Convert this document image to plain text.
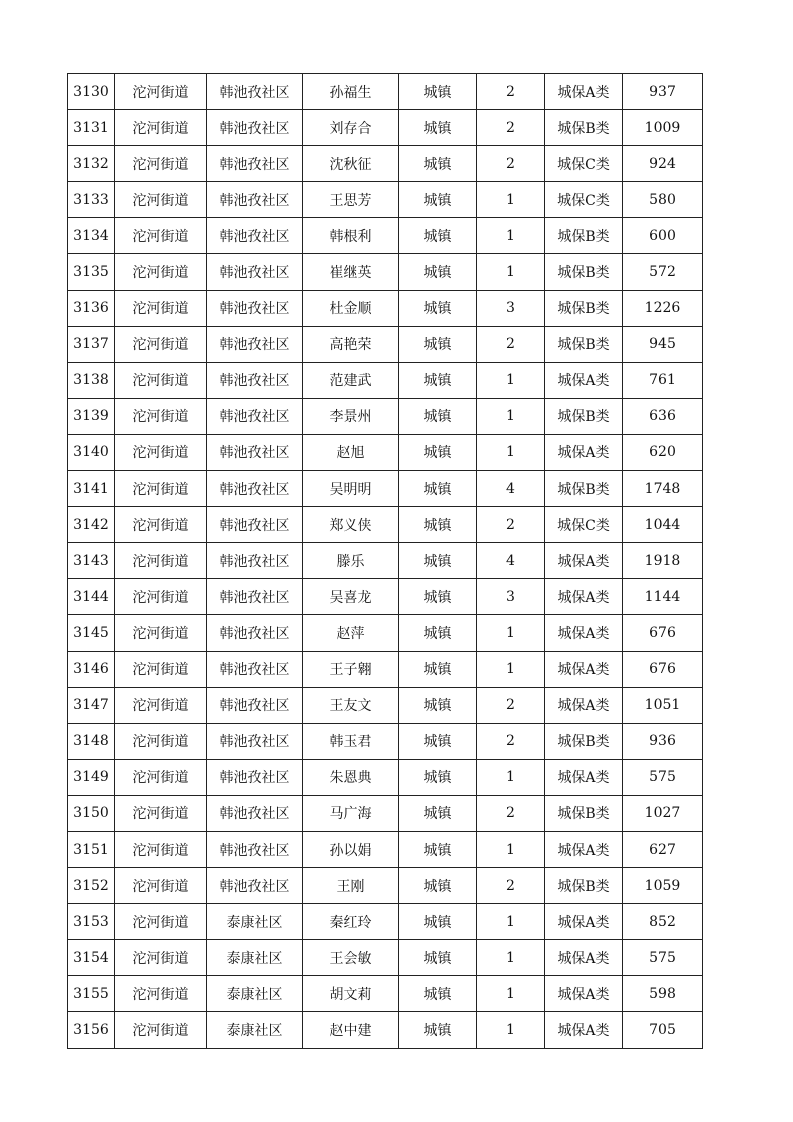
3130	沱河街道	韩池孜社区	孙福生	城镇	2	城保A类	937
3131	沱河街道	韩池孜社区	刘存合	城镇	2	城保B类	1009
3132	沱河街道	韩池孜社区	沈秋征	城镇	2	城保C类	924
3133	沱河街道	韩池孜社区	王思芳	城镇	1	城保C类	580
3134	沱河街道	韩池孜社区	韩根利	城镇	1	城保B类	600
3135	沱河街道	韩池孜社区	崔继英	城镇	1	城保B类	572
3136	沱河街道	韩池孜社区	杜金顺	城镇	3	城保B类	1226
3137	沱河街道	韩池孜社区	高艳荣	城镇	2	城保B类	945
3138	沱河街道	韩池孜社区	范建武	城镇	1	城保A类	761
3139	沱河街道	韩池孜社区	李景州	城镇	1	城保B类	636
3140	沱河街道	韩池孜社区	赵旭	城镇	1	城保A类	620
3141	沱河街道	韩池孜社区	吴明明	城镇	4	城保B类	1748
3142	沱河街道	韩池孜社区	郑义侠	城镇	2	城保C类	1044
3143	沱河街道	韩池孜社区	滕乐	城镇	4	城保A类	1918
3144	沱河街道	韩池孜社区	吴喜龙	城镇	3	城保A类	1144
3145	沱河街道	韩池孜社区	赵萍	城镇	1	城保A类	676
3146	沱河街道	韩池孜社区	王子翱	城镇	1	城保A类	676
3147	沱河街道	韩池孜社区	王友文	城镇	2	城保A类	1051
3148	沱河街道	韩池孜社区	韩玉君	城镇	2	城保B类	936
3149	沱河街道	韩池孜社区	朱恩典	城镇	1	城保A类	575
3150	沱河街道	韩池孜社区	马广海	城镇	2	城保B类	1027
3151	沱河街道	韩池孜社区	孙以娟	城镇	1	城保A类	627
3152	沱河街道	韩池孜社区	王刚	城镇	2	城保B类	1059
3153	沱河街道	泰康社区	秦红玲	城镇	1	城保A类	852
3154	沱河街道	泰康社区	王会敏	城镇	1	城保A类	575
3155	沱河街道	泰康社区	胡文莉	城镇	1	城保A类	598
3156	沱河街道	泰康社区	赵中建	城镇	1	城保A类	705
